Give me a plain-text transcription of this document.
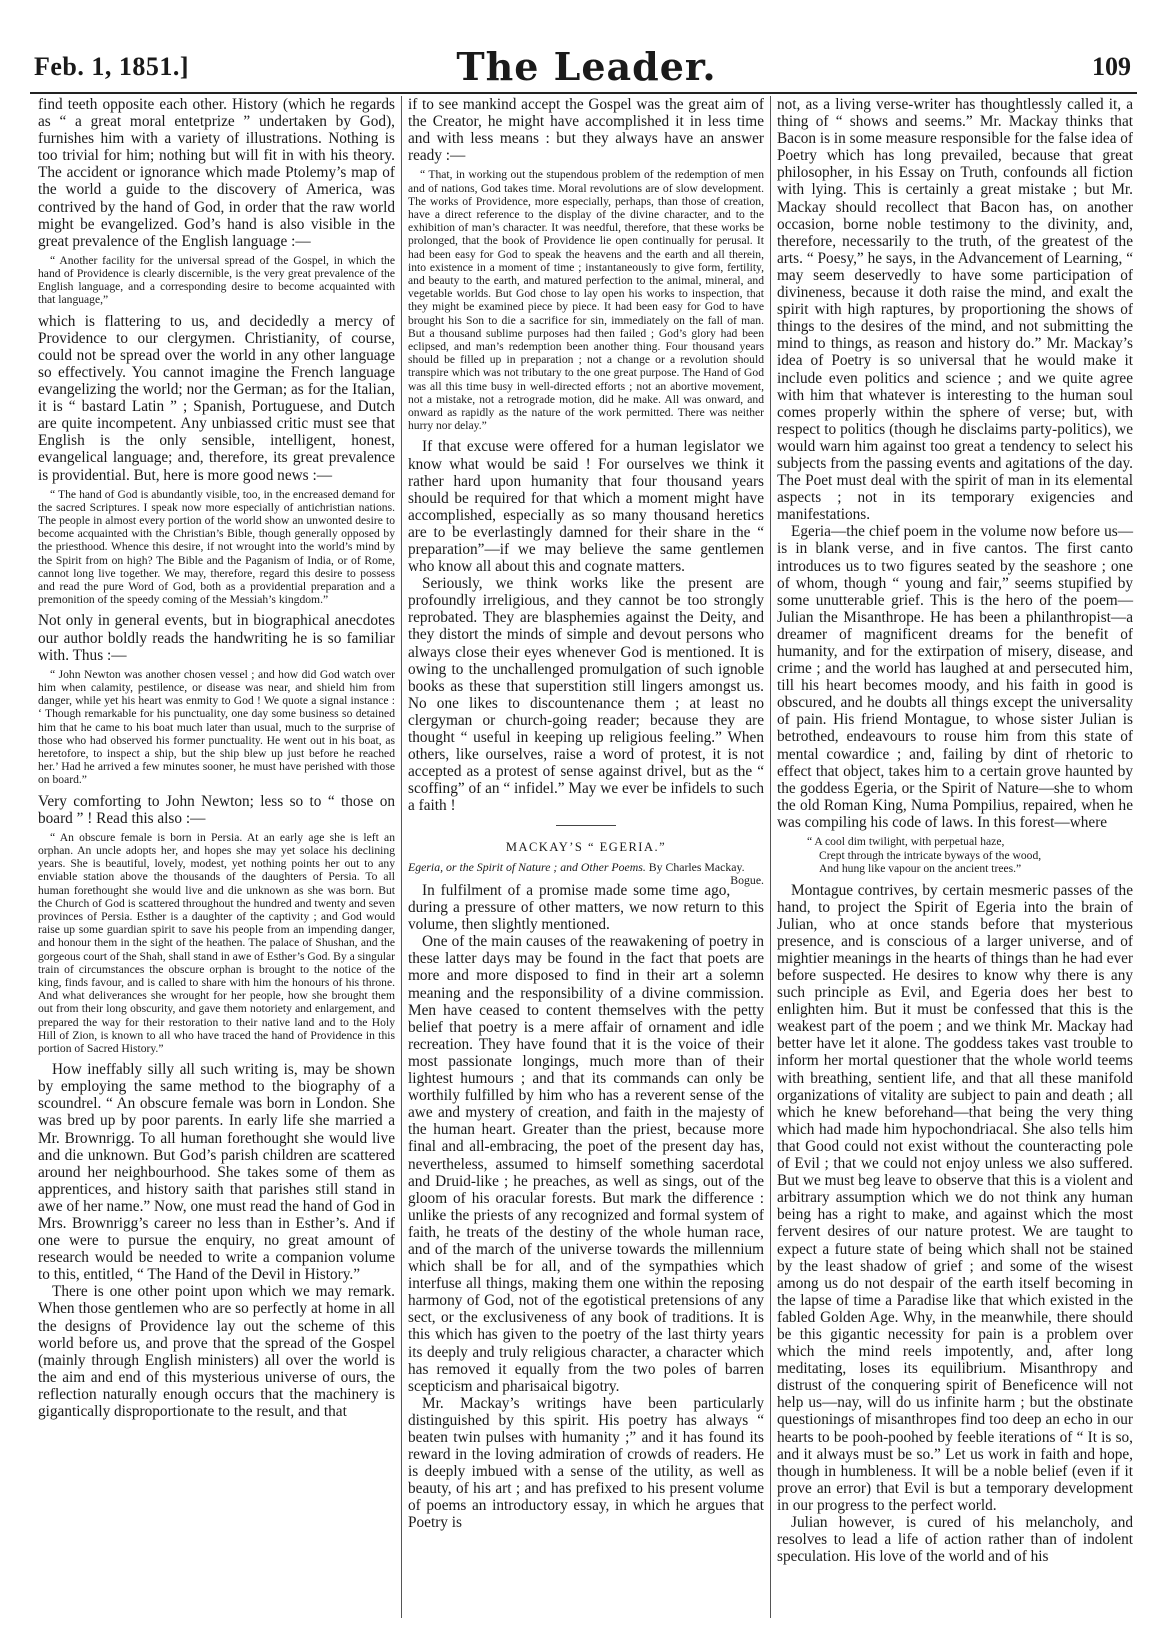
Feb. 1, 1851.]	The Leader.	109

find teeth opposite each other. History (which he regards as “ a great moral entetprize ” undertaken by God), furnishes him with a variety of illustrations. Nothing is too trivial for him; nothing but will fit in with his theory. The accident or ignorance which made Ptolemy’s map of the world a guide to the discovery of America, was contrived by the hand of God, in order that the raw world might be evangelized. God’s hand is also visible in the great prevalence of the English language :—

“ Another facility for the universal spread of the Gospel, in which the hand of Providence is clearly discernible, is the very great prevalence of the English language, and a corresponding desire to become acquainted with that language,”

which is flattering to us, and decidedly a mercy of Providence to our clergymen. Christianity, of course, could not be spread over the world in any other language so effectively. You cannot imagine the French language evangelizing the world; nor the German; as for the Italian, it is “ bastard Latin ” ; Spanish, Portuguese, and Dutch are quite incompetent. Any unbiassed critic must see that English is the only sensible, intelligent, honest, evangelical language; and, therefore, its great prevalence is providential. But, here is more good news :—

“ The hand of God is abundantly visible, too, in the encreased demand for the sacred Scriptures. I speak now more especially of antichristian nations. The people in almost every portion of the world show an unwonted desire to become acquainted with the Christian’s Bible, though generally opposed by the priesthood. Whence this desire, if not wrought into the world’s mind by the Spirit from on high? The Bible and the Paganism of India, or of Rome, cannot long live together. We may, therefore, regard this desire to possess and read the pure Word of God, both as a providential preparation and a premonition of the speedy coming of the Messiah’s kingdom.”

Not only in general events, but in biographical anecdotes our author boldly reads the handwriting he is so familiar with. Thus :—

“ John Newton was another chosen vessel ; and how did God watch over him when calamity, pestilence, or disease was near, and shield him from danger, while yet his heart was enmity to God ! We quote a signal instance : ‘ Though remarkable for his punctuality, one day some business so detained him that he came to his boat much later than usual, much to the surprise of those who had observed his former punctuality. He went out in his boat, as heretofore, to inspect a ship, but the ship blew up just before he reached her.’ Had he arrived a few minutes sooner, he must have perished with those on board.”

Very comforting to John Newton; less so to “ those on board ” ! Read this also :—

“ An obscure female is born in Persia. At an early age she is left an orphan. An uncle adopts her, and hopes she may yet solace his declining years. She is beautiful, lovely, modest, yet nothing points her out to any enviable station above the thousands of the daughters of Persia. To all human forethought she would live and die unknown as she was born. But the Church of God is scattered throughout the hundred and twenty and seven provinces of Persia. Esther is a daughter of the captivity ; and God would raise up some guardian spirit to save his people from an impending danger, and honour them in the sight of the heathen. The palace of Shushan, and the gorgeous court of the Shah, shall stand in awe of Esther’s God. By a singular train of circumstances the obscure orphan is brought to the notice of the king, finds favour, and is called to share with him the honours of his throne. And what deliverances she wrought for her people, how she brought them out from their long obscurity, and gave them notoriety and enlargement, and prepared the way for their restoration to their native land and to the Holy Hill of Zion, is known to all who have traced the hand of Providence in this portion of Sacred History.”

How ineffably silly all such writing is, may be shown by employing the same method to the biography of a scoundrel. “ An obscure female was born in London. She was bred up by poor parents. In early life she married a Mr. Brownrigg. To all human forethought she would live and die unknown. But God’s parish children are scattered around her neighbourhood. She takes some of them as apprentices, and history saith that parishes still stand in awe of her name.” Now, one must read the hand of God in Mrs. Brownrigg’s career no less than in Esther’s. And if one were to pursue the enquiry, no great amount of research would be needed to write a companion volume to this, entitled, “ The Hand of the Devil in History.”

There is one other point upon which we may remark. When those gentlemen who are so perfectly at home in all the designs of Providence lay out the scheme of this world before us, and prove that the spread of the Gospel (mainly through English ministers) all over the world is the aim and end of this mysterious universe of ours, the reflection naturally enough occurs that the machinery is gigantically disproportionate to the result, and that

if to see mankind accept the Gospel was the great aim of the Creator, he might have accomplished it in less time and with less means : but they always have an answer ready :—

“ That, in working out the stupendous problem of the redemption of men and of nations, God takes time. Moral revolutions are of slow development. The works of Providence, more especially, perhaps, than those of creation, have a direct reference to the display of the divine character, and to the exhibition of man’s character. It was needful, therefore, that these works be prolonged, that the book of Providence lie open continually for perusal. It had been easy for God to speak the heavens and the earth and all therein, into existence in a moment of time ; instantaneously to give form, fertility, and beauty to the earth, and matured perfection to the animal, mineral, and vegetable worlds. But God chose to lay open his works to inspection, that they might be examined piece by piece. It had been easy for God to have brought his Son to die a sacrifice for sin, immediately on the fall of man. But a thousand sublime purposes had then failed ; God’s glory had been eclipsed, and man’s redemption been another thing. Four thousand years should be filled up in preparation ; not a change or a revolution should transpire which was not tributary to the one great purpose. The Hand of God was all this time busy in well-directed efforts ; not an abortive movement, not a mistake, not a retrograde motion, did he make. All was onward, and onward as rapidly as the nature of the work permitted. There was neither hurry nor delay.”

If that excuse were offered for a human legislator we know what would be said ! For ourselves we think it rather hard upon humanity that four thousand years should be required for that which a moment might have accomplished, especially as so many thousand heretics are to be everlastingly damned for their share in the “ preparation”—if we may believe the same gentlemen who know all about this and cognate matters.

Seriously, we think works like the present are profoundly irreligious, and they cannot be too strongly reprobated. They are blasphemies against the Deity, and they distort the minds of simple and devout persons who always close their eyes whenever God is mentioned. It is owing to the unchallenged promulgation of such ignoble books as these that superstition still lingers amongst us. No one likes to discountenance them ; at least no clergyman or church-going reader; because they are thought “ useful in keeping up religious feeling.” When others, like ourselves, raise a word of protest, it is not accepted as a protest of sense against drivel, but as the “ scoffing” of an “ infidel.” May we ever be infidels to such a faith !

MACKAY’S “ EGERIA.”
Egeria, or the Spirit of Nature ; and Other Poems. By Charles Mackay.
Bogue.

In fulfilment of a promise made some time ago, during a pressure of other matters, we now return to this volume, then slightly mentioned.

One of the main causes of the reawakening of poetry in these latter days may be found in the fact that poets are more and more disposed to find in their art a solemn meaning and the responsibility of a divine commission. Men have ceased to content themselves with the petty belief that poetry is a mere affair of ornament and idle recreation. They have found that it is the voice of their most passionate longings, much more than of their lightest humours ; and that its commands can only be worthily fulfilled by him who has a reverent sense of the awe and mystery of creation, and faith in the majesty of the human heart. Greater than the priest, because more final and all-embracing, the poet of the present day has, nevertheless, assumed to himself something sacerdotal and Druid-like ; he preaches, as well as sings, out of the gloom of his oracular forests. But mark the difference : unlike the priests of any recognized and formal system of faith, he treats of the destiny of the whole human race, and of the march of the universe towards the millennium which shall be for all, and of the sympathies which interfuse all things, making them one within the reposing harmony of God, not of the egotistical pretensions of any sect, or the exclusiveness of any book of traditions. It is this which has given to the poetry of the last thirty years its deeply and truly religious character, a character which has removed it equally from the two poles of barren scepticism and pharisaical bigotry.

Mr. Mackay’s writings have been particularly distinguished by this spirit. His poetry has always “ beaten twin pulses with humanity ;” and it has found its reward in the loving admiration of crowds of readers. He is deeply imbued with a sense of the utility, as well as beauty, of his art ; and has prefixed to his present volume of poems an introductory essay, in which he argues that Poetry is

not, as a living verse-writer has thoughtlessly called it, a thing of “ shows and seems.” Mr. Mackay thinks that Bacon is in some measure responsible for the false idea of Poetry which has long prevailed, because that great philosopher, in his Essay on Truth, confounds all fiction with lying. This is certainly a great mistake ; but Mr. Mackay should recollect that Bacon has, on another occasion, borne noble testimony to the divinity, and, therefore, necessarily to the truth, of the greatest of the arts. “ Poesy,” he says, in the Advancement of Learning, “ may seem deservedly to have some participation of divineness, because it doth raise the mind, and exalt the spirit with high raptures, by proportioning the shows of things to the desires of the mind, and not submitting the mind to things, as reason and history do.” Mr. Mackay’s idea of Poetry is so universal that he would make it include even politics and science ; and we quite agree with him that whatever is interesting to the human soul comes properly within the sphere of verse; but, with respect to politics (though he disclaims party-politics), we would warn him against too great a tendency to select his subjects from the passing events and agitations of the day. The Poet must deal with the spirit of man in its elemental aspects ; not in its temporary exigencies and manifestations.

Egeria—the chief poem in the volume now before us—is in blank verse, and in five cantos. The first canto introduces us to two figures seated by the seashore ; one of whom, though “ young and fair,” seems stupified by some unutterable grief. This is the hero of the poem—Julian the Misanthrope. He has been a philanthropist—a dreamer of magnificent dreams for the benefit of humanity, and for the extirpation of misery, disease, and crime ; and the world has laughed at and persecuted him, till his heart becomes moody, and his faith in good is obscured, and he doubts all things except the universality of pain. His friend Montague, to whose sister Julian is betrothed, endeavours to rouse him from this state of mental cowardice ; and, failing by dint of rhetoric to effect that object, takes him to a certain grove haunted by the goddess Egeria, or the Spirit of Nature—she to whom the old Roman King, Numa Pompilius, repaired, when he was compiling his code of laws. In this forest—where

“ A cool dim twilight, with perpetual haze,
Crept through the intricate byways of the wood,
And hung like vapour on the ancient trees.”

Montague contrives, by certain mesmeric passes of the hand, to project the Spirit of Egeria into the brain of Julian, who at once stands before that mysterious presence, and is conscious of a larger universe, and of mightier meanings in the hearts of things than he had ever before suspected. He desires to know why there is any such principle as Evil, and Egeria does her best to enlighten him. But it must be confessed that this is the weakest part of the poem ; and we think Mr. Mackay had better have let it alone. The goddess takes vast trouble to inform her mortal questioner that the whole world teems with breathing, sentient life, and that all these manifold organizations of vitality are subject to pain and death ; all which he knew beforehand—that being the very thing which had made him hypochondriacal. She also tells him that Good could not exist without the counteracting pole of Evil ; that we could not enjoy unless we also suffered. But we must beg leave to observe that this is a violent and arbitrary assumption which we do not think any human being has a right to make, and against which the most fervent desires of our nature protest. We are taught to expect a future state of being which shall not be stained by the least shadow of grief ; and some of the wisest among us do not despair of the earth itself becoming in the lapse of time a Paradise like that which existed in the fabled Golden Age. Why, in the meanwhile, there should be this gigantic necessity for pain is a problem over which the mind reels impotently, and, after long meditating, loses its equilibrium. Misanthropy and distrust of the conquering spirit of Beneficence will not help us—nay, will do us infinite harm ; but the obstinate questionings of misanthropes find too deep an echo in our hearts to be pooh-poohed by feeble iterations of “ It is so, and it always must be so.” Let us work in faith and hope, though in humbleness. It will be a noble belief (even if it prove an error) that Evil is but a temporary development in our progress to the perfect world.

Julian however, is cured of his melancholy, and resolves to lead a life of action rather than of indolent speculation. His love of the world and of his
